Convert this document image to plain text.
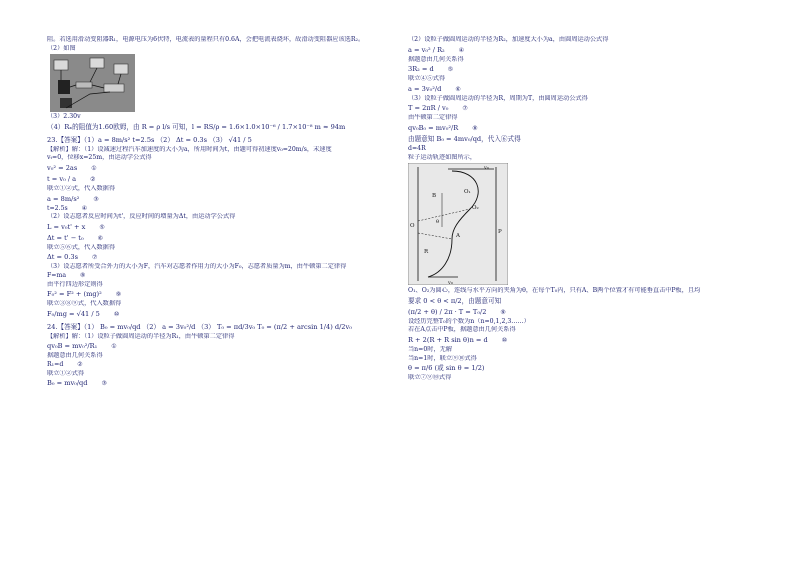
阻。若选用滑动变阻器R₁，电源电压为6伏特，电流表的量程只有0.6A，会把电流表烧坏，故滑动变阻器应该选R₂。
（2）如图
（3）2.30v
（4）Rₓ的阻值为1.60欧姆，由 R = ρ l/s 可知，l = RS/ρ = 1.6×1.0×10⁻⁶ / 1.7×10⁻⁸ m ≈ 94m
23.【答案】（1）a = 8m/s² t=2.5s （2） Δt = 0.3s （3） √41 / 5
【解析】解：（1）设减速过程汽车加速度的大小为a，所用时间为t，由题可得初速度v₀=20m/s，末速度
vₜ=0，位移x=25m，由运动学公式得
v₀² = 2as ①
t = v₀ / a ②
联立①②式，代入数据得
a = 8m/s² ③
t=2.5s ④
（2）设志愿者反应时间为t'，反应时间的增量为Δt，由运动学公式得
L = v₀t' + x ⑤
Δt = t' − t₀ ⑥
联立⑤⑥式，代入数据得
Δt = 0.3s ⑦
（3）设志愿者所受合外力的大小为F，汽车对志愿者作用力的大小为F₀，志愿者质量为m，由牛顿第二定律得
F=ma ⑧
由平行四边形定则得
F₀² = F² + (mg)² ⑨
联立③⑧⑨式，代入数据得
F₀/mg = √41 / 5 ⑩
24.【答案】（1） B₀ = mv₀/qd （2） a = 3v₀²/d （3） T₀ = πd/3v₀ T₀ = (π/2 + arcsin 1/4) d/2v₀
【解析】解：（1）设粒子做圆周运动的半径为R₁，由牛顿第二定律得
qv₀B = mv₀²/R₁ ①
据题意由几何关系得
R₁=d ②
联立①②式得
B₀ = mv₀/qd ③
（2）设粒子做圆周运动的半径为R₂，加速度大小为a，由圆周运动公式得
a = v₀² / R₂ ④
据题意由几何关系得
3R₂ = d ⑤
联立④⑤式得
a = 3v₀²/d ⑥
（3）设粒子做圆周运动的半径为R，周期为T，由圆周运动公式得
T = 2πR / v₀ ⑦
由牛顿第二定律得
qv₀B₀ = mv₀²/R ⑧
由题意知 B₀ = 4mv₀/qd，代入⑥式得
d=4R
粒子运动轨迹如图所示，
v₀
B
O₁
O₂
O
θ
A
R
P
v₀
O₁、O₂为圆心，连线与水平方向的夹角为θ，在每个T₀内，只有A、B两个位置才有可能垂直击中P板，且均
要求 0 < θ < π/2，由题意可知
(π/2 + θ) / 2π · T = T₀/2 ⑨
设经历完整T₀的个数为n（n=0,1,2,3……）
若在A点击中P板，据题意由几何关系得
R + 2(R + R sin θ)n = d ⑩
当n=0时，无解
当n=1时，联立⑨⑩式得
θ = π/6 (或 sin θ = 1/2)
联立⑦⑨⑩式得
